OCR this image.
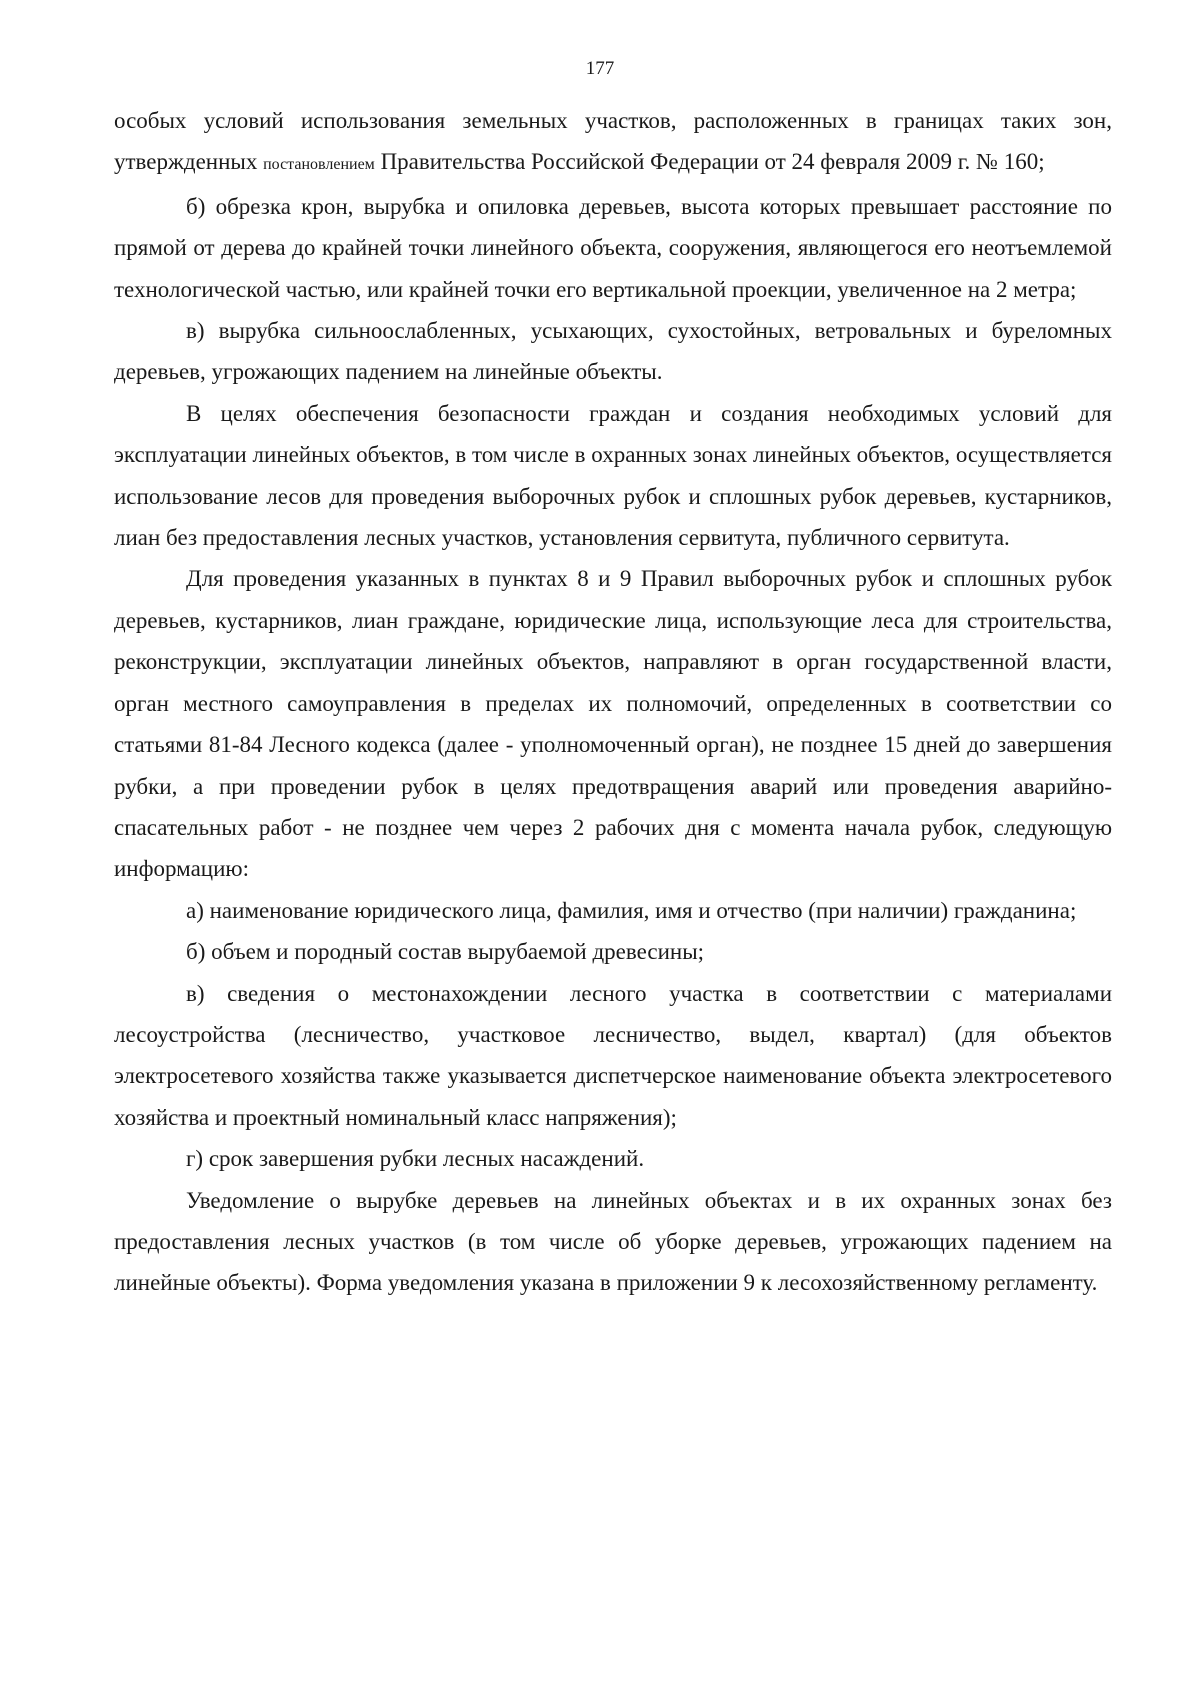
177

особых условий использования земельных участков, расположенных в границах таких зон, утвержденных постановлением Правительства Российской Федерации от 24 февраля 2009 г. № 160;

б) обрезка крон, вырубка и опиловка деревьев, высота которых превышает расстояние по прямой от дерева до крайней точки линейного объекта, сооружения, являющегося его неотъемлемой технологической частью, или крайней точки его вертикальной проекции, увеличенное на 2 метра;

в) вырубка сильноослабленных, усыхающих, сухостойных, ветровальных и буреломных деревьев, угрожающих падением на линейные объекты.

В целях обеспечения безопасности граждан и создания необходимых условий для эксплуатации линейных объектов, в том числе в охранных зонах линейных объектов, осуществляется использование лесов для проведения выборочных рубок и сплошных рубок деревьев, кустарников, лиан без предоставления лесных участков, установления сервитута, публичного сервитута.

Для проведения указанных в пунктах 8 и 9 Правил выборочных рубок и сплошных рубок деревьев, кустарников, лиан граждане, юридические лица, использующие леса для строительства, реконструкции, эксплуатации линейных объектов, направляют в орган государственной власти, орган местного самоуправления в пределах их полномочий, определенных в соответствии со статьями 81-84 Лесного кодекса (далее - уполномоченный орган), не позднее 15 дней до завершения рубки, а при проведении рубок в целях предотвращения аварий или проведения аварийно-спасательных работ - не позднее чем через 2 рабочих дня с момента начала рубок, следующую информацию:

а) наименование юридического лица, фамилия, имя и отчество (при наличии) гражданина;

б) объем и породный состав вырубаемой древесины;

в) сведения о местонахождении лесного участка в соответствии с материалами лесоустройства (лесничество, участковое лесничество, выдел, квартал) (для объектов электросетевого хозяйства также указывается диспетчерское наименование объекта электросетевого хозяйства и проектный номинальный класс напряжения);

г) срок завершения рубки лесных насаждений.

Уведомление о вырубке деревьев на линейных объектах и в их охранных зонах без предоставления лесных участков (в том числе об уборке деревьев, угрожающих падением на линейные объекты). Форма уведомления указана в приложении 9 к лесохозяйственному регламенту.
